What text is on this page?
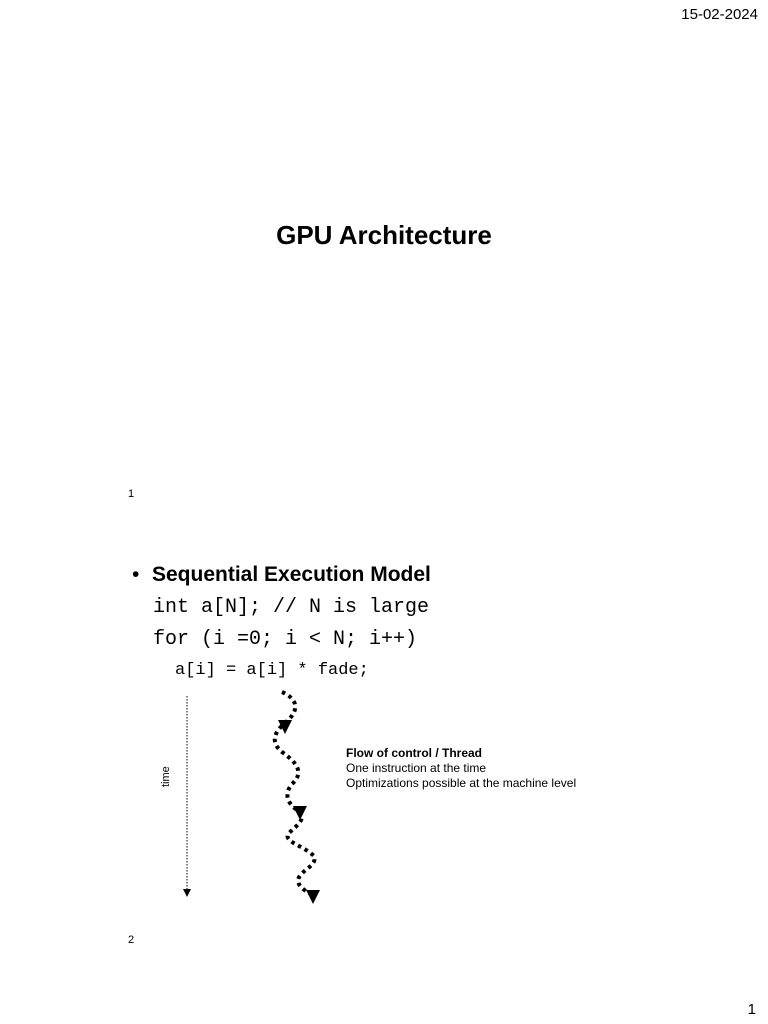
15-02-2024
GPU Architecture
1
• Sequential Execution Model
int a[N]; // N is large
for (i =0; i < N; i++)
a[i] = a[i] * fade;
time
Flow of control / Thread
One instruction at the time
Optimizations possible at the machine level
2
1
